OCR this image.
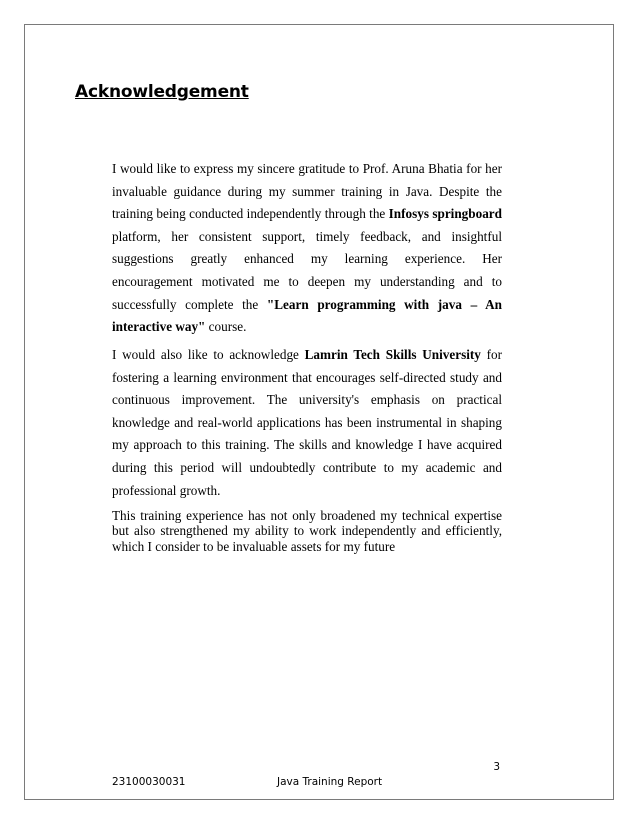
Acknowledgement

I would like to express my sincere gratitude to Prof. Aruna Bhatia for her invaluable guidance during my summer training in Java. Despite the training being conducted independently through the Infosys springboard platform, her consistent support, timely feedback, and insightful suggestions greatly enhanced my learning experience. Her encouragement motivated me to deepen my understanding and to successfully complete the "Learn programming with java – An interactive way" course.

I would also like to acknowledge Lamrin Tech Skills University for fostering a learning environment that encourages self-directed study and continuous improvement. The university's emphasis on practical knowledge and real-world applications has been instrumental in shaping my approach to this training. The skills and knowledge I have acquired during this period will undoubtedly contribute to my academic and professional growth.

This training experience has not only broadened my technical expertise but also strengthened my ability to work independently and efficiently, which I consider to be invaluable assets for my future

3
23100030031	Java Training Report
